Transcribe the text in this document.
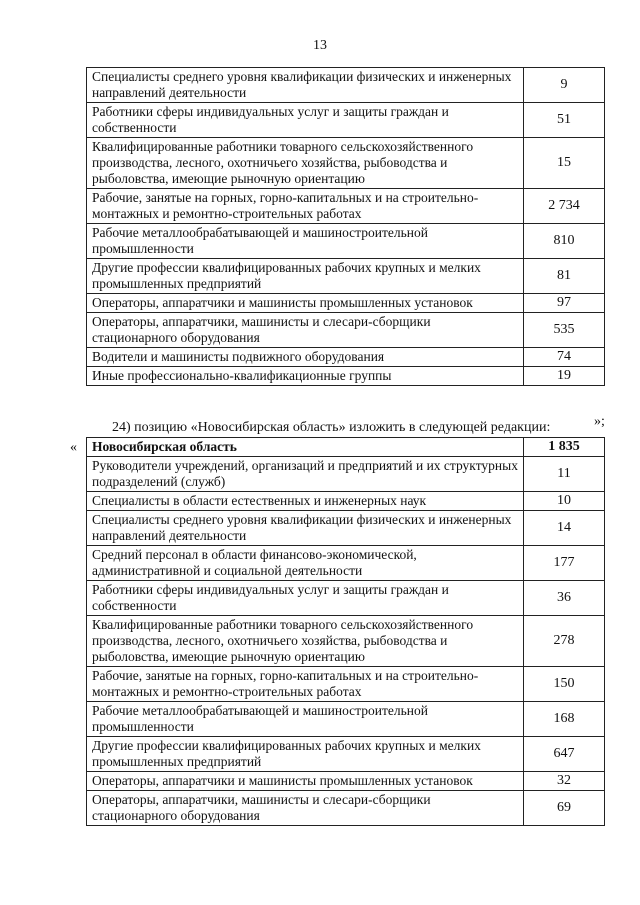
13
Специалисты среднего уровня квалификации физических и инженерных направлений деятельности	9
Работники сферы индивидуальных услуг и защиты граждан и собственности	51
Квалифицированные работники товарного сельскохозяйственного производства, лесного, охотничьего хозяйства, рыбоводства и рыболовства, имеющие рыночную ориентацию	15
Рабочие, занятые на горных, горно-капитальных и на строительно-монтажных и ремонтно-строительных работах	2 734
Рабочие металлообрабатывающей и машиностроительной промышленности	810
Другие профессии квалифицированных рабочих крупных и мелких промышленных предприятий	81
Операторы, аппаратчики и машинисты промышленных установок	97
Операторы, аппаратчики, машинисты и слесари-сборщики стационарного оборудования	535
Водители и машинисты подвижного оборудования	74
Иные профессионально-квалификационные группы	19
»;
24) позицию «Новосибирская область» изложить в следующей редакции:
« Новосибирская область	1 835
Руководители учреждений, организаций и предприятий и их структурных подразделений (служб)	11
Специалисты в области естественных и инженерных наук	10
Специалисты среднего уровня квалификации физических и инженерных направлений деятельности	14
Средний персонал в области финансово-экономической, административной и социальной деятельности	177
Работники сферы индивидуальных услуг и защиты граждан и собственности	36
Квалифицированные работники товарного сельскохозяйственного производства, лесного, охотничьего хозяйства, рыбоводства и рыболовства, имеющие рыночную ориентацию	278
Рабочие, занятые на горных, горно-капитальных и на строительно-монтажных и ремонтно-строительных работах	150
Рабочие металлообрабатывающей и машиностроительной промышленности	168
Другие профессии квалифицированных рабочих крупных и мелких промышленных предприятий	647
Операторы, аппаратчики и машинисты промышленных установок	32
Операторы, аппаратчики, машинисты и слесари-сборщики стационарного оборудования	69
